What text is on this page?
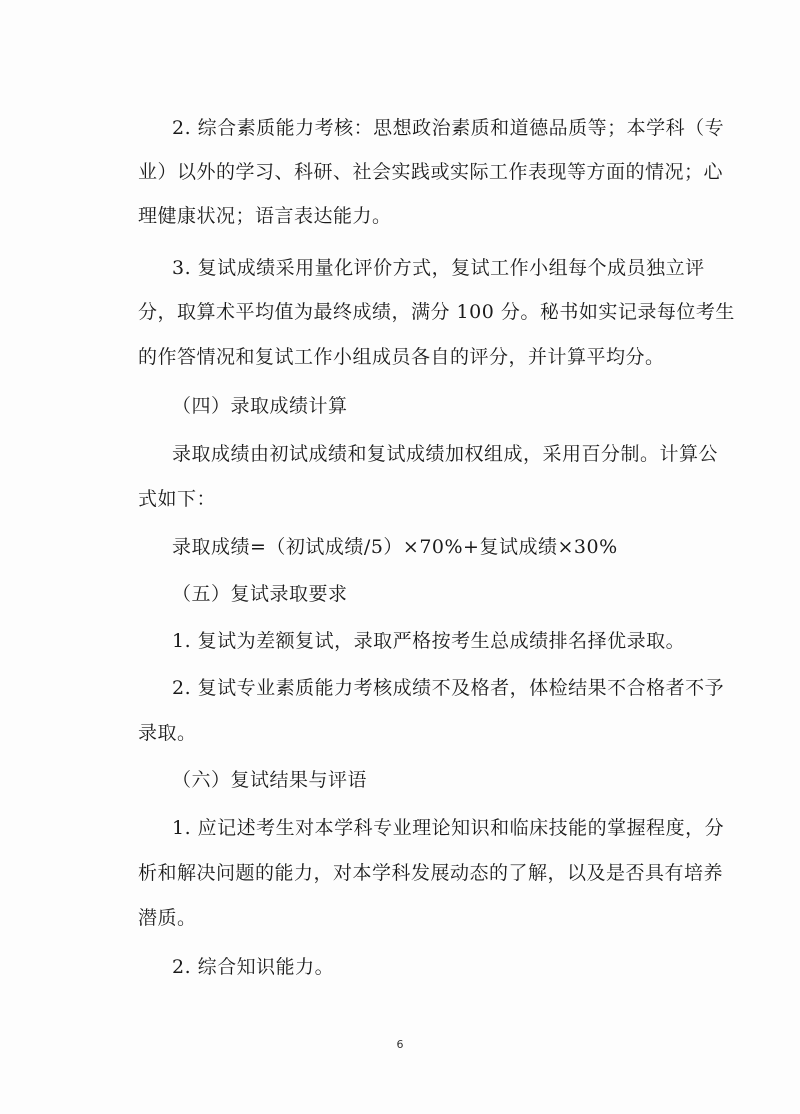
2. 综合素质能力考核：思想政治素质和道德品质等；本学科（专
业）以外的学习、科研、社会实践或实际工作表现等方面的情况；心
理健康状况；语言表达能力。
3. 复试成绩采用量化评价方式，复试工作小组每个成员独立评
分，取算术平均值为最终成绩，满分 100 分。秘书如实记录每位考生
的作答情况和复试工作小组成员各自的评分，并计算平均分。
（四）录取成绩计算
录取成绩由初试成绩和复试成绩加权组成，采用百分制。计算公
式如下：
录取成绩=（初试成绩/5）×70%+复试成绩×30%
（五）复试录取要求
1. 复试为差额复试，录取严格按考生总成绩排名择优录取。
2. 复试专业素质能力考核成绩不及格者，体检结果不合格者不予
录取。
（六）复试结果与评语
1. 应记述考生对本学科专业理论知识和临床技能的掌握程度，分
析和解决问题的能力，对本学科发展动态的了解，以及是否具有培养
潜质。
2. 综合知识能力。
6
